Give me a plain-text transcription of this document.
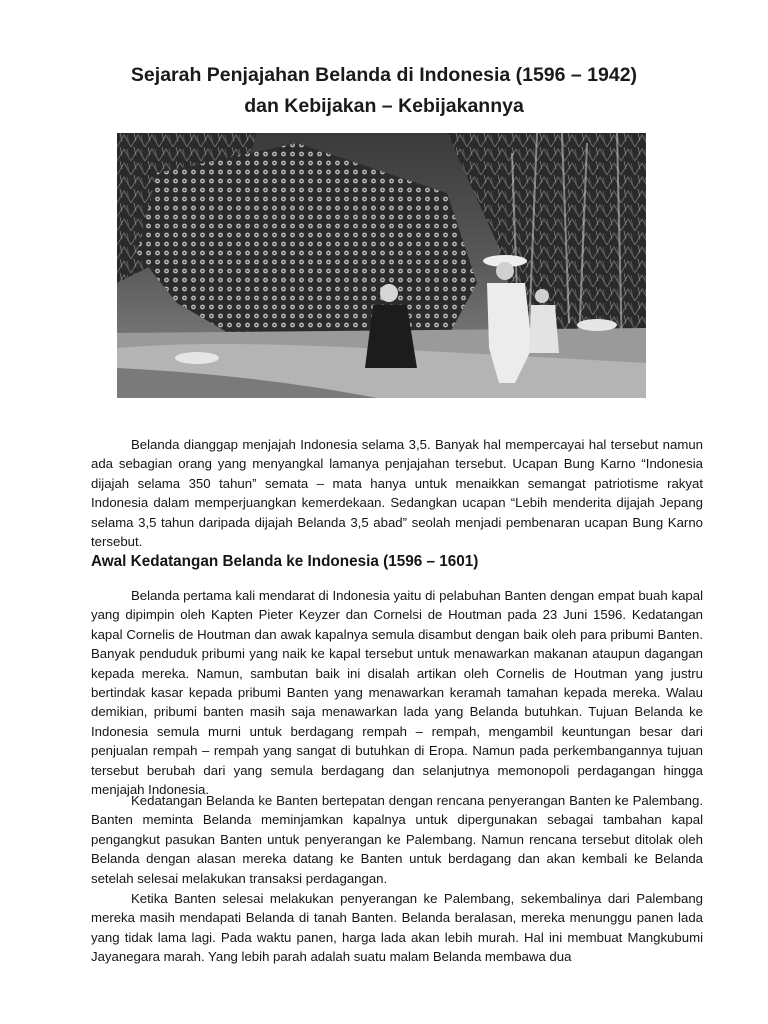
Sejarah Penjajahan Belanda di Indonesia (1596 – 1942)
dan Kebijakan – Kebijakannya

Belanda dianggap menjajah Indonesia selama 3,5. Banyak hal mempercayai hal tersebut namun ada sebagian orang yang menyangkal lamanya penjajahan tersebut. Ucapan Bung Karno “Indonesia dijajah selama 350 tahun” semata – mata hanya untuk menaikkan semangat patriotisme rakyat Indonesia dalam memperjuangkan kemerdekaan. Sedangkan ucapan “Lebih menderita dijajah Jepang selama 3,5 tahun daripada dijajah Belanda 3,5 abad” seolah menjadi pembenaran ucapan Bung Karno tersebut.

Awal Kedatangan Belanda ke Indonesia (1596 – 1601)

Belanda pertama kali mendarat di Indonesia yaitu di pelabuhan Banten dengan empat buah kapal yang dipimpin oleh Kapten Pieter Keyzer dan Cornelsi de Houtman pada 23 Juni 1596. Kedatangan kapal Cornelis de Houtman dan awak kapalnya semula disambut dengan baik oleh para pribumi Banten. Banyak penduduk pribumi yang naik ke kapal tersebut untuk menawarkan makanan ataupun dagangan kepada mereka. Namun, sambutan baik ini disalah artikan oleh Cornelis de Houtman yang justru bertindak kasar kepada pribumi Banten yang menawarkan keramah tamahan kepada mereka. Walau demikian, pribumi banten masih saja menawarkan lada yang Belanda butuhkan. Tujuan Belanda ke Indonesia semula murni untuk berdagang rempah – rempah, mengambil keuntungan besar dari penjualan rempah – rempah yang sangat di butuhkan di Eropa. Namun pada perkembangannya tujuan tersebut berubah dari yang semula berdagang dan selanjutnya memonopoli perdagangan hingga menjajah Indonesia.

Kedatangan Belanda ke Banten bertepatan dengan rencana penyerangan Banten ke Palembang. Banten meminta Belanda meminjamkan kapalnya untuk dipergunakan sebagai tambahan kapal pengangkut pasukan Banten untuk penyerangan ke Palembang. Namun rencana tersebut ditolak oleh Belanda dengan alasan mereka datang ke Banten untuk berdagang dan akan kembali ke Belanda setelah selesai melakukan transaksi perdagangan.

Ketika Banten selesai melakukan penyerangan ke Palembang, sekembalinya dari Palembang mereka masih mendapati Belanda di tanah Banten. Belanda beralasan, mereka menunggu panen lada yang tidak lama lagi. Pada waktu panen, harga lada akan lebih murah. Hal ini membuat Mangkubumi Jayanegara marah. Yang lebih parah adalah suatu malam Belanda membawa dua
